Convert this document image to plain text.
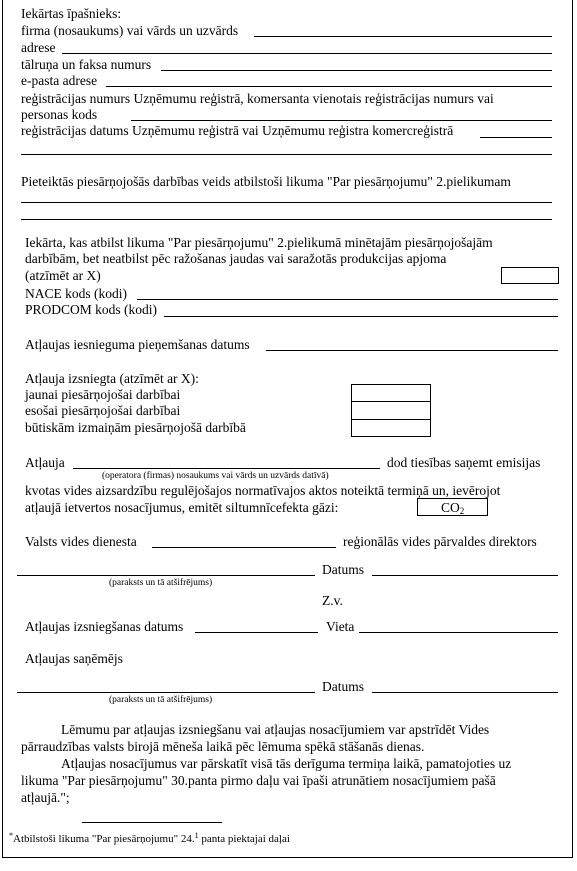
Iekārtas īpašnieks:
firma (nosaukums) vai vārds un uzvārds
adrese
tālruņa un faksa numurs
e-pasta adrese
reģistrācijas numurs Uzņēmumu reģistrā, komersanta vienotais reģistrācijas numurs vai
personas kods
reģistrācijas datums Uzņēmumu reģistrā vai Uzņēmumu reģistra komercreģistrā
Pieteiktās piesārņojošās darbības veids atbilstoši likuma "Par piesārņojumu" 2.pielikumam
Iekārta, kas atbilst likuma "Par piesārņojumu" 2.pielikumā minētajām piesārņojošajām
darbībām, bet neatbilst pēc ražošanas jaudas vai saražotās produkcijas apjoma
(atzīmēt ar X)
NACE kods (kodi)
PRODCOM kods (kodi)
Atļaujas iesnieguma pieņemšanas datums
Atļauja izsniegta (atzīmēt ar X):
jaunai piesārņojošai darbībai
esošai piesārņojošai darbībai
būtiskām izmaiņām piesārņojošā darbībā
Atļauja
(operatora (firmas) nosaukums vai vārds un uzvārds datīvā)
dod tiesības saņemt emisijas
kvotas vides aizsardzību regulējošajos normatīvajos aktos noteiktā termiņā un, ievērojot
atļaujā ietvertos nosacījumus, emitēt siltumnīcefekta gāzi:	$CO_2$
Valsts vides dienesta	reģionālās vides pārvaldes direktors
(paraksts un tā atšifrējums)
Datums
Z.v.
Atļaujas izsniegšanas datums	Vieta
Atļaujas saņēmējs
(paraksts un tā atšifrējums)
Datums
Lēmumu par atļaujas izsniegšanu vai atļaujas nosacījumiem var apstrīdēt Vides
pārraudzības valsts birojā mēneša laikā pēc lēmuma spēkā stāšanās dienas.
Atļaujas nosacījumus var pārskatīt visā tās derīguma termiņa laikā, pamatojoties uz
likuma "Par piesārņojumu" 30.panta pirmo daļu vai īpaši atrunātiem nosacījumiem pašā
atļaujā.";
*Atbilstoši likuma "Par piesārņojumu" 24.$^1$ panta piektajai daļai
